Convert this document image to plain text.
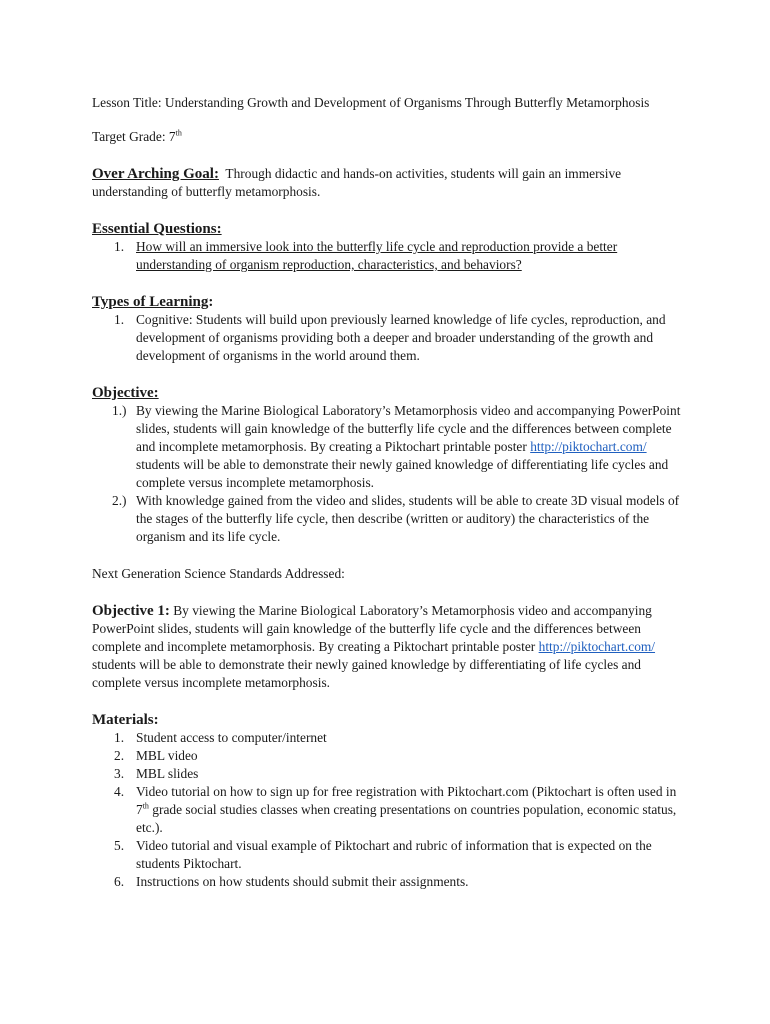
Lesson Title: Understanding Growth and Development of Organisms Through Butterfly Metamorphosis

Target Grade: 7th

Over Arching Goal: Through didactic and hands-on activities, students will gain an immersive understanding of butterfly metamorphosis.

Essential Questions:

1. How will an immersive look into the butterfly life cycle and reproduction provide a better understanding of organism reproduction, characteristics, and behaviors?

Types of Learning:

1. Cognitive: Students will build upon previously learned knowledge of life cycles, reproduction, and development of organisms providing both a deeper and broader understanding of the growth and development of organisms in the world around them.

Objective:

1.) By viewing the Marine Biological Laboratory’s Metamorphosis video and accompanying PowerPoint slides, students will gain knowledge of the butterfly life cycle and the differences between complete and incomplete metamorphosis. By creating a Piktochart printable poster http://piktochart.com/ students will be able to demonstrate their newly gained knowledge of differentiating life cycles and complete versus incomplete metamorphosis.
2.) With knowledge gained from the video and slides, students will be able to create 3D visual models of the stages of the butterfly life cycle, then describe (written or auditory) the characteristics of the organism and its life cycle.

Next Generation Science Standards Addressed:

Objective 1: By viewing the Marine Biological Laboratory’s Metamorphosis video and accompanying PowerPoint slides, students will gain knowledge of the butterfly life cycle and the differences between complete and incomplete metamorphosis. By creating a Piktochart printable poster http://piktochart.com/ students will be able to demonstrate their newly gained knowledge by differentiating of life cycles and complete versus incomplete metamorphosis.

Materials:

1. Student access to computer/internet
2. MBL video
3. MBL slides
4. Video tutorial on how to sign up for free registration with Piktochart.com (Piktochart is often used in 7th grade social studies classes when creating presentations on countries population, economic status, etc.).
5. Video tutorial and visual example of Piktochart and rubric of information that is expected on the students Piktochart.
6. Instructions on how students should submit their assignments.
